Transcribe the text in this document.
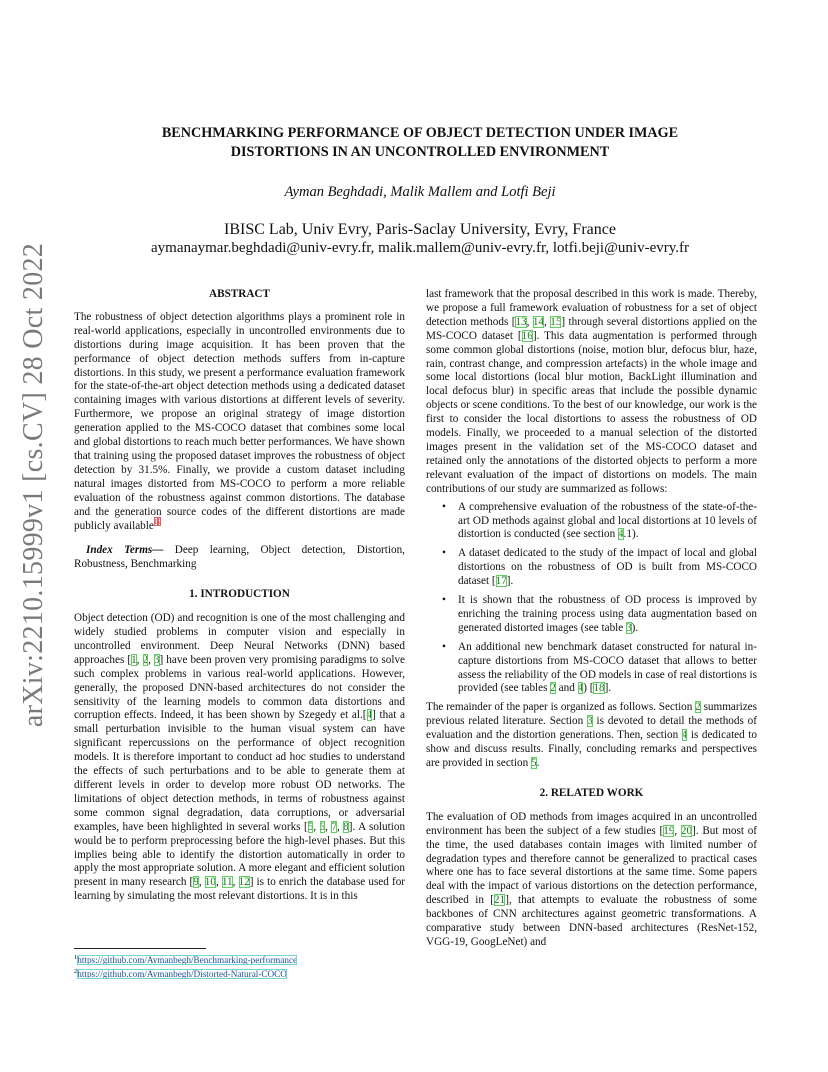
arXiv:2210.15999v1 [cs.CV] 28 Oct 2022
BENCHMARKING PERFORMANCE OF OBJECT DETECTION UNDER IMAGE
DISTORTIONS IN AN UNCONTROLLED ENVIRONMENT
Ayman Beghdadi, Malik Mallem and Lotfi Beji
IBISC Lab, Univ Evry, Paris-Saclay University, Evry, France
aymanaymar.beghdadi@univ-evry.fr, malik.mallem@univ-evry.fr, lotfi.beji@univ-evry.fr
ABSTRACT

The robustness of object detection algorithms plays a prominent role in real-world applications, especially in uncontrolled environments due to distortions during image acquisition. It has been proven that the performance of object detection methods suffers from in-capture distortions. In this study, we present a performance evaluation framework for the state-of-the-art object detection methods using a dedicated dataset containing images with various distortions at different levels of severity. Furthermore, we propose an original strategy of image distortion generation applied to the MS-COCO dataset that combines some local and global distortions to reach much better performances. We have shown that training using the proposed dataset improves the robustness of object detection by 31.5%. Finally, we provide a custom dataset including natural images distorted from MS-COCO to perform a more reliable evaluation of the robustness against common distortions. The database and the generation source codes of the different distortions are made publicly available$^{12}$

Index Terms— Deep learning, Object detection, Distortion, Robustness, Benchmarking

1. INTRODUCTION

Object detection (OD) and recognition is one of the most challenging and widely studied problems in computer vision and especially in uncontrolled environment. Deep Neural Networks (DNN) based approaches [1, 2, 3] have been proven very promising paradigms to solve such complex problems in various real-world applications. However, generally, the proposed DNN-based architectures do not consider the sensitivity of the learning models to common data distortions and corruption effects. Indeed, it has been shown by Szegedy et al.[4] that a small perturbation invisible to the human visual system can have significant repercussions on the performance of object recognition models. It is therefore important to conduct ad hoc studies to understand the effects of such perturbations and to be able to generate them at different levels in order to develop more robust OD networks. The limitations of object detection methods, in terms of robustness against some common signal degradation, data corruptions, or adversarial examples, have been highlighted in several works [5, 6, 7, 8]. A solution would be to perform preprocessing before the high-level phases. But this implies being able to identify the distortion automatically in order to apply the most appropriate solution. A more elegant and efficient solution present in many research [9, 10, 11, 12] is to enrich the database used for learning by simulating the most relevant distortions. It is in this

last framework that the proposal described in this work is made. Thereby, we propose a full framework evaluation of robustness for a set of object detection methods [13, 14, 15] through several distortions applied on the MS-COCO dataset [16]. This data augmentation is performed through some common global distortions (noise, motion blur, defocus blur, haze, rain, contrast change, and compression artefacts) in the whole image and some local distortions (local blur motion, BackLight illumination and local defocus blur) in specific areas that include the possible dynamic objects or scene conditions. To the best of our knowledge, our work is the first to consider the local distortions to assess the robustness of OD models. Finally, we proceeded to a manual selection of the distorted images present in the validation set of the MS-COCO dataset and retained only the annotations of the distorted objects to perform a more relevant evaluation of the impact of distortions on models. The main contributions of our study are summarized as follows:

• A comprehensive evaluation of the robustness of the state-of-the-art OD methods against global and local distortions at 10 levels of distortion is conducted (see section 4.1).
• A dataset dedicated to the study of the impact of local and global distortions on the robustness of OD is built from MS-COCO dataset [17].
• It is shown that the robustness of OD process is improved by enriching the training process using data augmentation based on generated distorted images (see table 3).
• An additional new benchmark dataset constructed for natural in-capture distortions from MS-COCO dataset that allows to better assess the reliability of the OD models in case of real distortions is provided (see tables 2 and 4) [18].

The remainder of the paper is organized as follows. Section 2 summarizes previous related literature. Section 3 is devoted to detail the methods of evaluation and the distortion generations. Then, section 4 is dedicated to show and discuss results. Finally, concluding remarks and perspectives are provided in section 5.

2. RELATED WORK

The evaluation of OD methods from images acquired in an uncontrolled environment has been the subject of a few studies [19, 20]. But most of the time, the used databases contain images with limited number of degradation types and therefore cannot be generalized to practical cases where one has to face several distortions at the same time. Some papers deal with the impact of various distortions on the detection performance, described in [21], that attempts to evaluate the robustness of some backbones of CNN architectures against geometric transformations. A comparative study between DNN-based architectures (ResNet-152, VGG-19, GoogLeNet) and

$^1$https://github.com/Aymanbegh/Benchmarking-performance
$^2$https://github.com/Aymanbegh/Distorted-Natural-COCO
